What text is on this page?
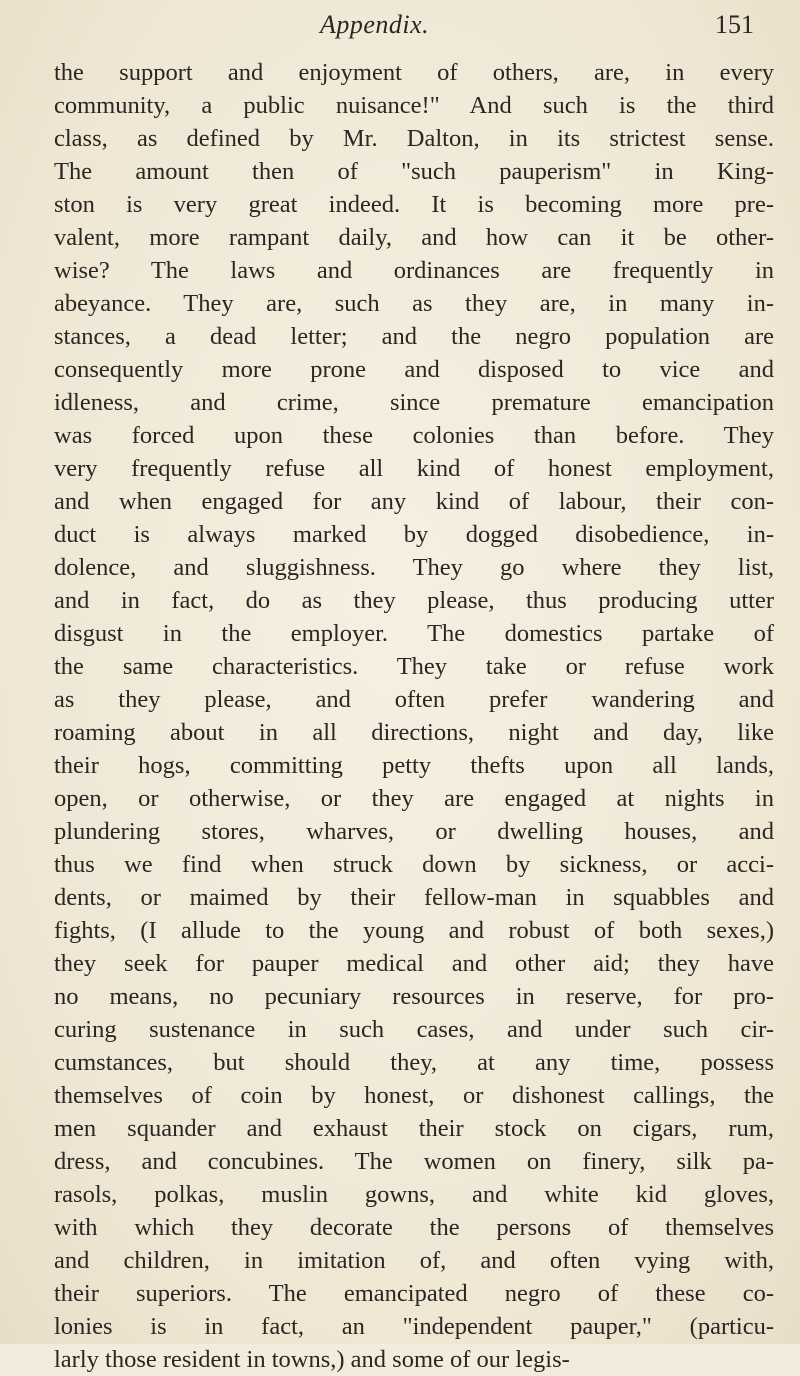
Appendix.	151
the support and enjoyment of others, are, in every
community, a public nuisance!" And such is the third
class, as defined by Mr. Dalton, in its strictest sense.
The amount then of "such pauperism" in King-
ston is very great indeed. It is becoming more pre-
valent, more rampant daily, and how can it be other-
wise? The laws and ordinances are frequently in
abeyance. They are, such as they are, in many in-
stances, a dead letter; and the negro population are
consequently more prone and disposed to vice and
idleness, and crime, since premature emancipation
was forced upon these colonies than before. They
very frequently refuse all kind of honest employment,
and when engaged for any kind of labour, their con-
duct is always marked by dogged disobedience, in-
dolence, and sluggishness. They go where they list,
and in fact, do as they please, thus producing utter
disgust in the employer. The domestics partake of
the same characteristics. They take or refuse work
as they please, and often prefer wandering and
roaming about in all directions, night and day, like
their hogs, committing petty thefts upon all lands,
open, or otherwise, or they are engaged at nights in
plundering stores, wharves, or dwelling houses, and
thus we find when struck down by sickness, or acci-
dents, or maimed by their fellow-man in squabbles and
fights, (I allude to the young and robust of both sexes,)
they seek for pauper medical and other aid; they have
no means, no pecuniary resources in reserve, for pro-
curing sustenance in such cases, and under such cir-
cumstances, but should they, at any time, possess
themselves of coin by honest, or dishonest callings, the
men squander and exhaust their stock on cigars, rum,
dress, and concubines. The women on finery, silk pa-
rasols, polkas, muslin gowns, and white kid gloves,
with which they decorate the persons of themselves
and children, in imitation of, and often vying with,
their superiors. The emancipated negro of these co-
lonies is in fact, an "independent pauper," (particu-
larly those resident in towns,) and some of our legis-
